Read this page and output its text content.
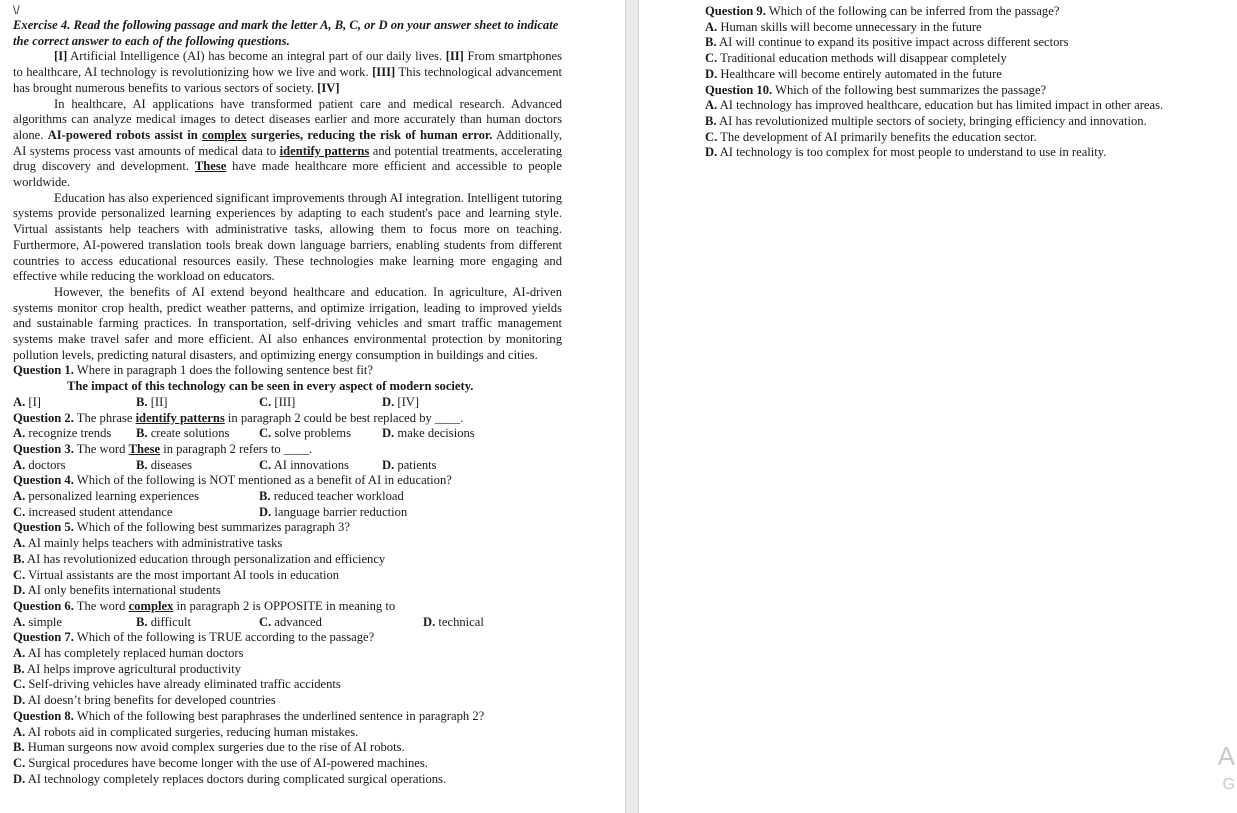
\/

Exercise 4. Read the following passage and mark the letter A, B, C, or D on your answer sheet to indicate the correct answer to each of the following questions.

[I] Artificial Intelligence (AI) has become an integral part of our daily lives. [II] From smartphones to healthcare, AI technology is revolutionizing how we live and work. [III] This technological advancement has brought numerous benefits to various sectors of society. [IV]

In healthcare, AI applications have transformed patient care and medical research. Advanced algorithms can analyze medical images to detect diseases earlier and more accurately than human doctors alone. AI-powered robots assist in complex surgeries, reducing the risk of human error. Additionally, AI systems process vast amounts of medical data to identify patterns and potential treatments, accelerating drug discovery and development. These have made healthcare more efficient and accessible to people worldwide.

Education has also experienced significant improvements through AI integration. Intelligent tutoring systems provide personalized learning experiences by adapting to each student's pace and learning style. Virtual assistants help teachers with administrative tasks, allowing them to focus more on teaching. Furthermore, AI-powered translation tools break down language barriers, enabling students from different countries to access educational resources easily. These technologies make learning more engaging and effective while reducing the workload on educators.

However, the benefits of AI extend beyond healthcare and education. In agriculture, AI-driven systems monitor crop health, predict weather patterns, and optimize irrigation, leading to improved yields and sustainable farming practices. In transportation, self-driving vehicles and smart traffic management systems make travel safer and more efficient. AI also enhances environmental protection by monitoring pollution levels, predicting natural disasters, and optimizing energy consumption in buildings and cities.

Question 1. Where in paragraph 1 does the following sentence best fit?

The impact of this technology can be seen in every aspect of modern society.

A. [I]	B. [II]	C. [III]	D. [IV]

Question 2. The phrase identify patterns in paragraph 2 could be best replaced by ____.

A. recognize trends B. create solutions C. solve problems D. make decisions

Question 3. The word These in paragraph 2 refers to ____.

A. doctors	B. diseases	C. AI innovations	D. patients

Question 4. Which of the following is NOT mentioned as a benefit of AI in education?

A. personalized learning experiences	B. reduced teacher workload
C. increased student attendance	D. language barrier reduction

Question 5. Which of the following best summarizes paragraph 3?

A. AI mainly helps teachers with administrative tasks

B. AI has revolutionized education through personalization and efficiency

C. Virtual assistants are the most important AI tools in education

D. AI only benefits international students

Question 6. The word complex in paragraph 2 is OPPOSITE in meaning to

A. simple	B. difficult	C. advanced	D. technical

Question 7. Which of the following is TRUE according to the passage?

A. AI has completely replaced human doctors

B. AI helps improve agricultural productivity

C. Self-driving vehicles have already eliminated traffic accidents

D. AI doesn’t bring benefits for developed countries

Question 8. Which of the following best paraphrases the underlined sentence in paragraph 2?

A. AI robots aid in complicated surgeries, reducing human mistakes.

B. Human surgeons now avoid complex surgeries due to the rise of AI robots.

C. Surgical procedures have become longer with the use of AI-powered machines.

D. AI technology completely replaces doctors during complicated surgical operations.

Question 9. Which of the following can be inferred from the passage?

A. Human skills will become unnecessary in the future

B. AI will continue to expand its positive impact across different sectors

C. Traditional education methods will disappear completely

D. Healthcare will become entirely automated in the future

Question 10. Which of the following best summarizes the passage?

A. AI technology has improved healthcare, education but has limited impact in other areas.

B. AI has revolutionized multiple sectors of society, bringing efficiency and innovation.

C. The development of AI primarily benefits the education sector.

D. AI technology is too complex for most people to understand to use in reality.

A
G
